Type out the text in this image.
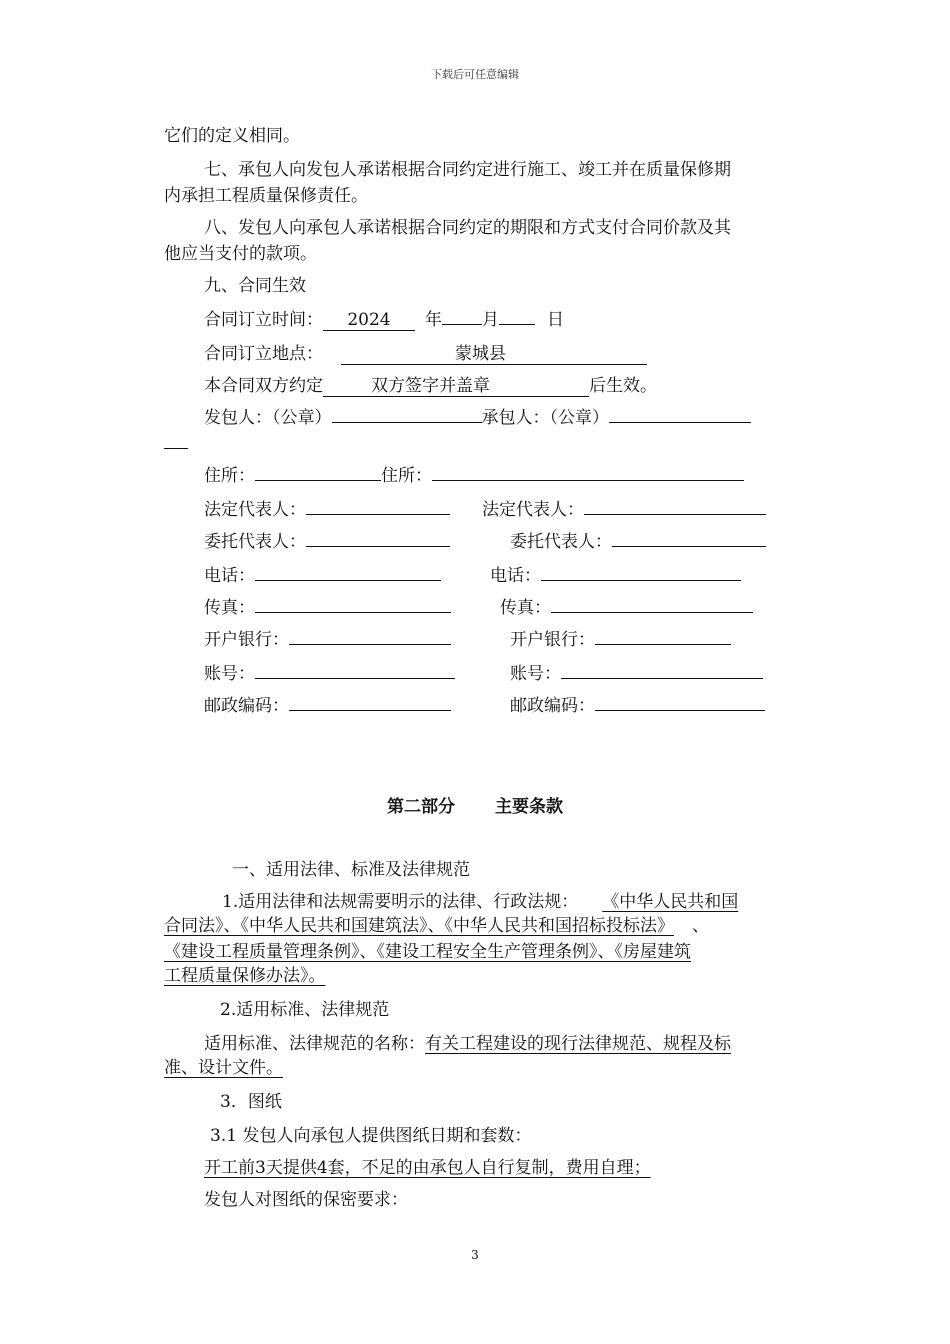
下载后可任意编辑
它们的定义相同。
七、承包人向发包人承诺根据合同约定进行施工、竣工并在质量保修期
内承担工程质量保修责任。
八、发包人向承包人承诺根据合同约定的期限和方式支付合同价款及其
他应当支付的款项。
九、合同生效
合同订立时间： 2024 年 月	日
合同订立地点：	蒙城县
本合同双方约定	双方签字并盖章	后生效。
发包人：（公章）	承包人：（公章）
住所：	住所：
法定代表人：	法定代表人：
委托代表人：	委托代表人：
电话：	电话：
传真：	传真：
开户银行：	开户银行：
账号：	账号：
邮政编码：	邮政编码：
第二部分 主要条款
一、适用法律、标准及法律规范
1.适用法律和法规需要明示的法律、行政法规： 《中华人民共和国
合同法》、《中华人民共和国建筑法》、《中华人民共和国招标投标法》 、
《建设工程质量管理条例》、《建设工程安全生产管理条例》、《房屋建筑
工程质量保修办法》。
2.适用标准、法律规范
适用标准、法律规范的名称：有关工程建设的现行法律规范、规程及标
准、设计文件。
3．图纸
3.1 发包人向承包人提供图纸日期和套数：
开工前3天提供4套，不足的由承包人自行复制，费用自理；
发包人对图纸的保密要求：
3
